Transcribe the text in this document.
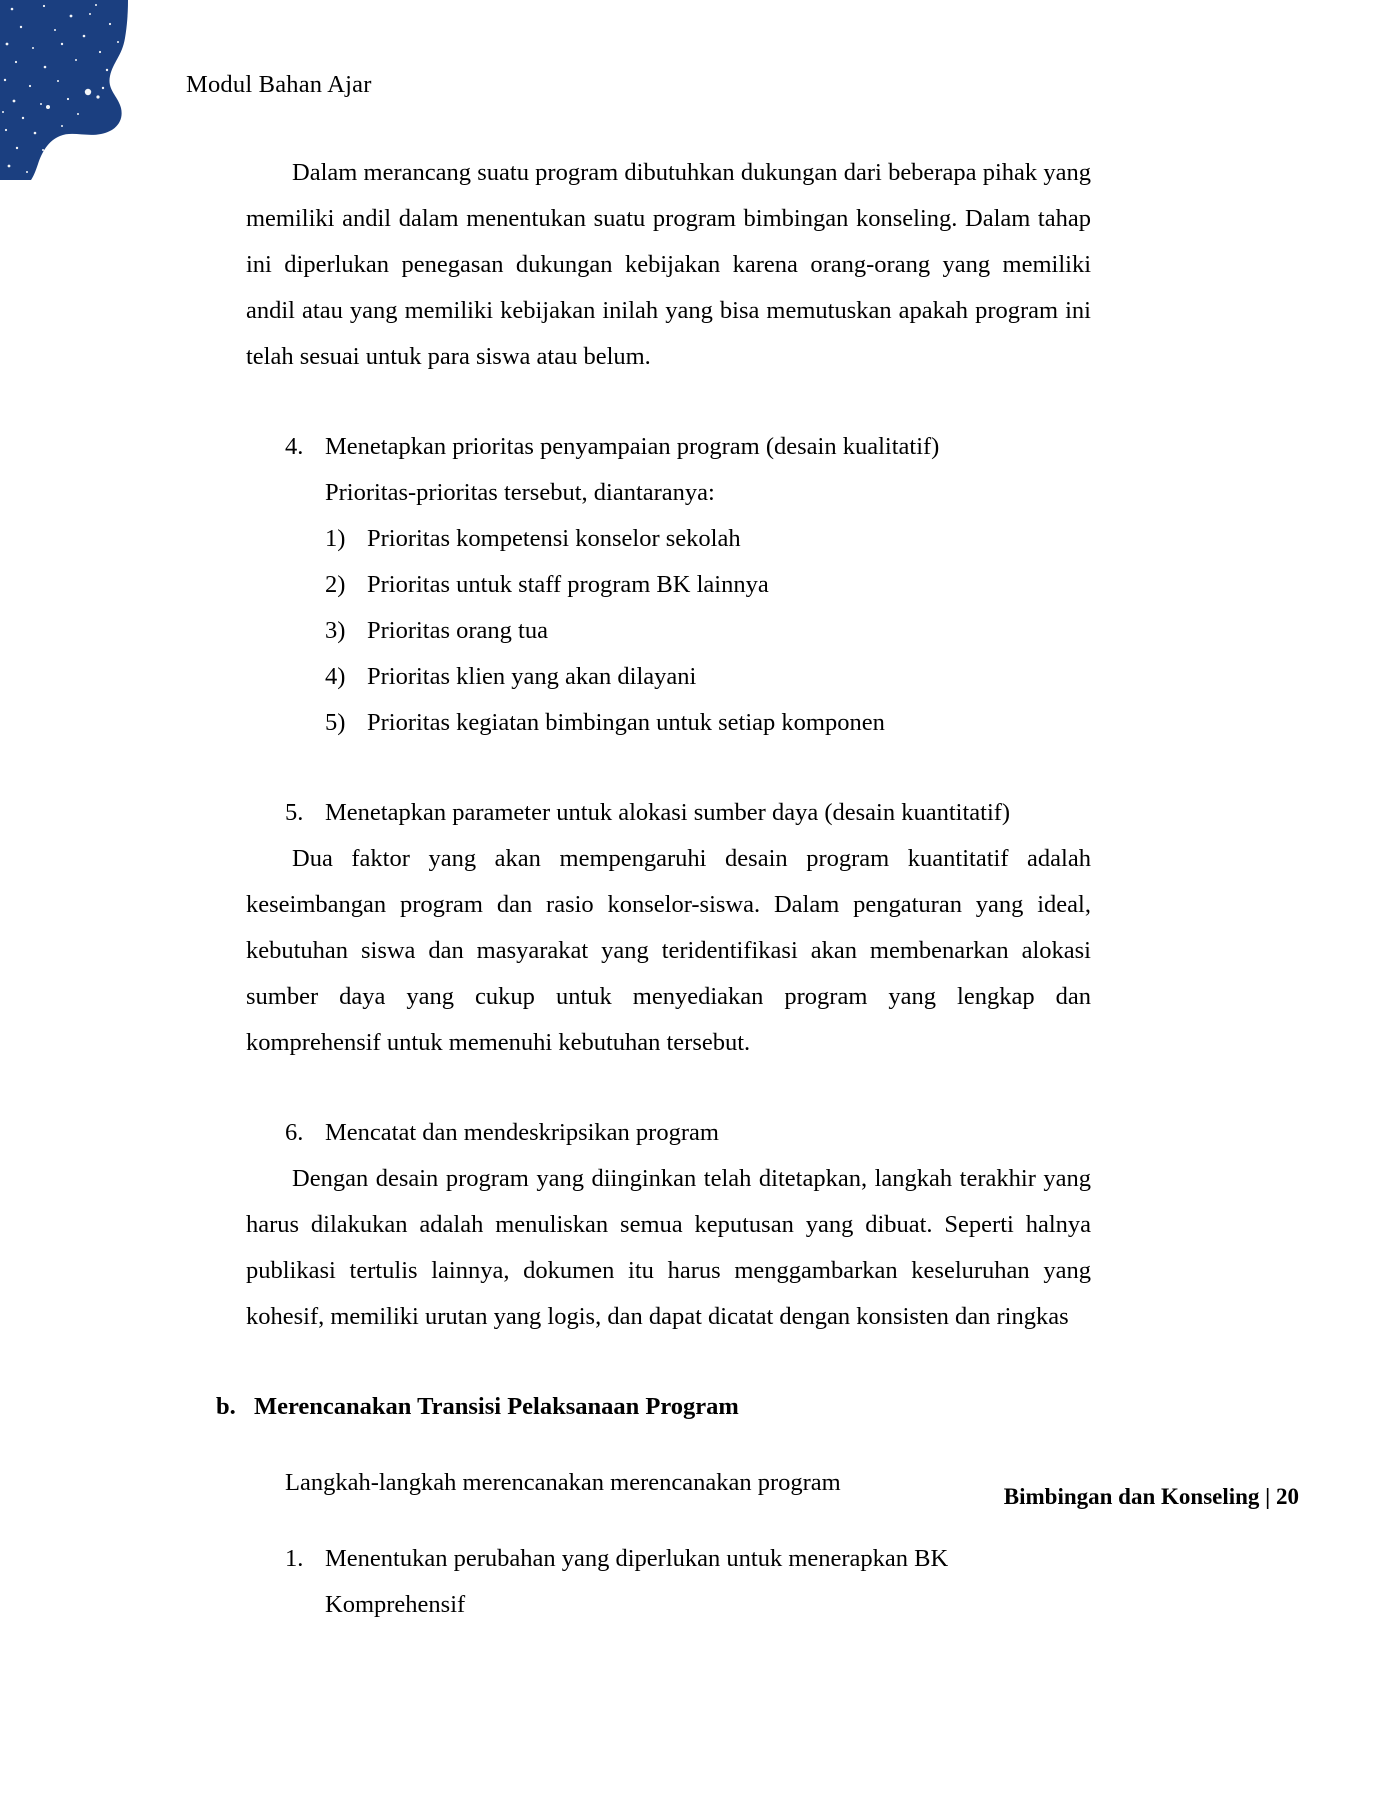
Modul Bahan Ajar

Dalam merancang suatu program dibutuhkan dukungan dari beberapa pihak yang memiliki andil dalam menentukan suatu program bimbingan konseling. Dalam tahap ini diperlukan penegasan dukungan kebijakan karena orang-orang yang memiliki andil atau yang memiliki kebijakan inilah yang bisa memutuskan apakah program ini telah sesuai untuk para siswa atau belum.

4. Menetapkan prioritas penyampaian program (desain kualitatif)
Prioritas-prioritas tersebut, diantaranya:
1) Prioritas kompetensi konselor sekolah
2) Prioritas untuk staff program BK lainnya
3) Prioritas orang tua
4) Prioritas klien yang akan dilayani
5) Prioritas kegiatan bimbingan untuk setiap komponen
5. Menetapkan parameter untuk alokasi sumber daya (desain kuantitatif)

Dua faktor yang akan mempengaruhi desain program kuantitatif adalah keseimbangan program dan rasio konselor-siswa. Dalam pengaturan yang ideal, kebutuhan siswa dan masyarakat yang teridentifikasi akan membenarkan alokasi sumber daya yang cukup untuk menyediakan program yang lengkap dan komprehensif untuk memenuhi kebutuhan tersebut.

6. Mencatat dan mendeskripsikan program

Dengan desain program yang diinginkan telah ditetapkan, langkah terakhir yang harus dilakukan adalah menuliskan semua keputusan yang dibuat. Seperti halnya publikasi tertulis lainnya, dokumen itu harus menggambarkan keseluruhan yang kohesif, memiliki urutan yang logis, dan dapat dicatat dengan konsisten dan ringkas

b. Merencanakan Transisi Pelaksanaan Program
Langkah-langkah merencanakan merencanakan program
1. Menentukan perubahan yang diperlukan untuk menerapkan BK Komprehensif
Bimbingan dan Konseling | 20
